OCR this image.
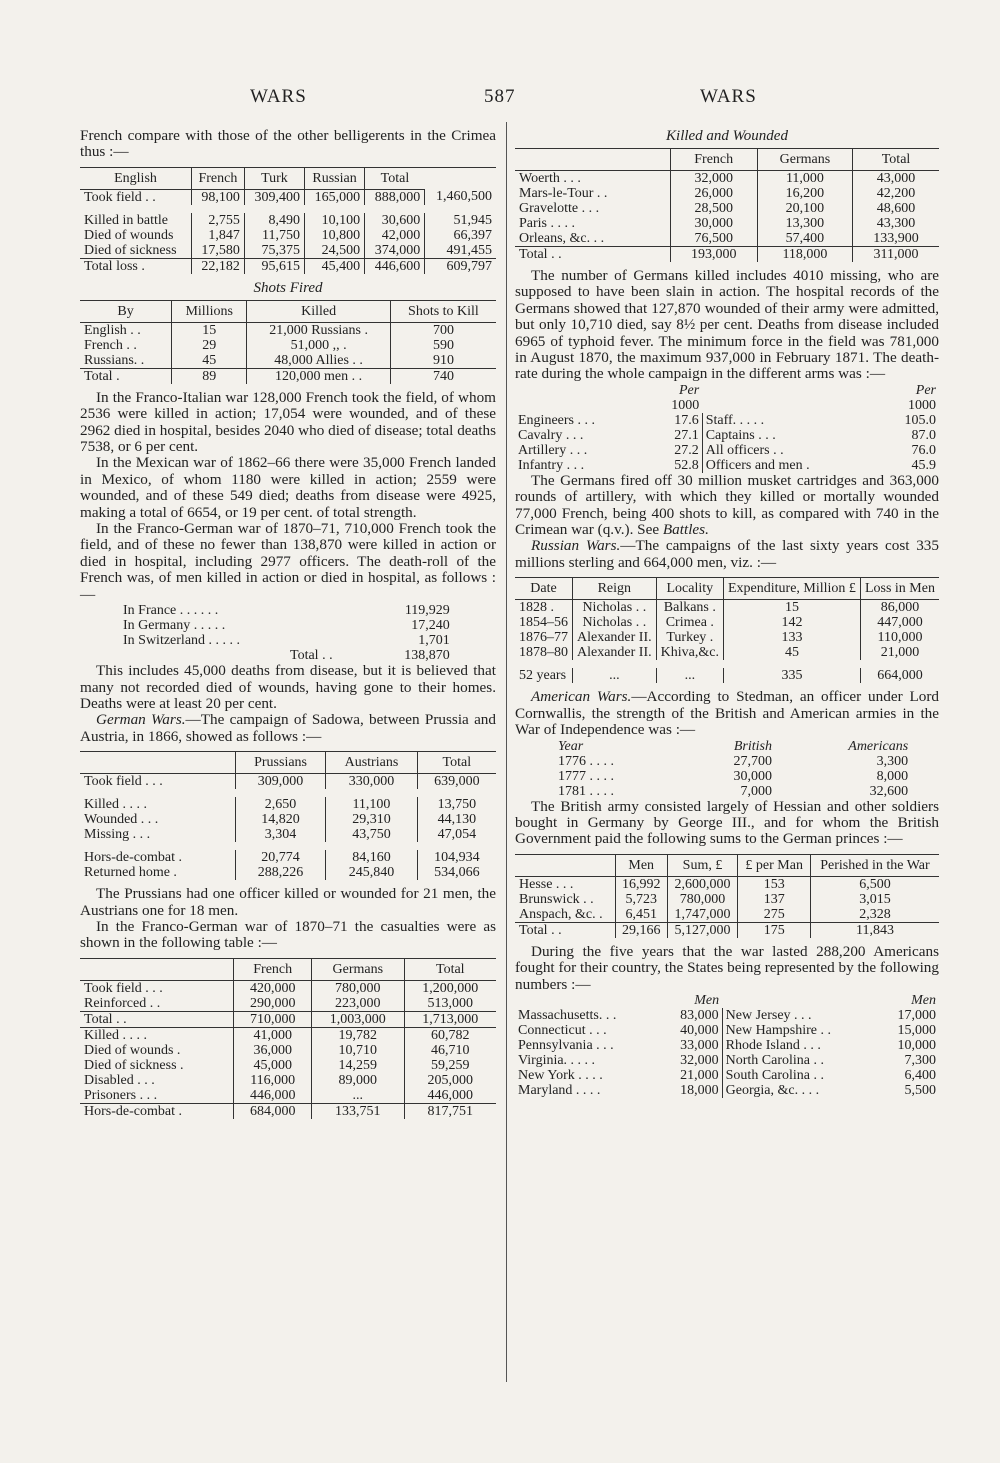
WARS	587	WARS

French compare with those of the other belligerents in the Crimea thus :—

English	French	Turk	Russian	Total	
Took field . .	98,100	309,400	165,000	888,000	1,460,500

Killed in battle	2,755	8,490	10,100	30,600	51,945
Died of wounds	1,847	11,750	10,800	42,000	66,397
Died of sickness	17,580	75,375	24,500	374,000	491,455
Total loss .	22,182	95,615	45,400	446,600	609,797
Shots Fired
By	Millions	Killed	Shots to Kill
English . .	15	21,000 Russians .	700
French . .	29	51,000 ,, .	590
Russians. .	45	48,000 Allies . .	910
Total .	89	120,000 men . .	740

In the Franco-Italian war 128,000 French took the field, of whom 2536 were killed in action; 17,054 were wounded, and of these 2962 died in hospital, besides 2040 who died of disease; total deaths 7538, or 6 per cent.

In the Mexican war of 1862–66 there were 35,000 French landed in Mexico, of whom 1180 were killed in action; 2559 were wounded, and of these 549 died; deaths from disease were 4925, making a total of 6654, or 19 per cent. of total strength.

In the Franco-German war of 1870–71, 710,000 French took the field, and of these no fewer than 138,870 were killed in action or died in hospital, including 2977 officers. The death-roll of the French was, of men killed in action or died in hospital, as follows :—

In France . . . . . .	119,929
In Germany . . . . .	17,240
In Switzerland . . . . .	1,701
Total . .	138,870

This includes 45,000 deaths from disease, but it is believed that many not recorded died of wounds, having gone to their homes. Deaths were at least 20 per cent.

German Wars.—The campaign of Sadowa, between Prussia and Austria, in 1866, showed as follows :—

	Prussians	Austrians	Total
Took field . . .	309,000	330,000	639,000

Killed . . . .	2,650	11,100	13,750
Wounded . . .	14,820	29,310	44,130
Missing . . .	3,304	43,750	47,054

Hors-de-combat .	20,774	84,160	104,934
Returned home .	288,226	245,840	534,066

The Prussians had one officer killed or wounded for 21 men, the Austrians one for 18 men.

In the Franco-German war of 1870–71 the casualties were as shown in the following table :—

	French	Germans	Total
Took field . . .	420,000	780,000	1,200,000
Reinforced . .	290,000	223,000	513,000
Total . .	710,000	1,003,000	1,713,000
Killed . . . .	41,000	19,782	60,782
Died of wounds .	36,000	10,710	46,710
Died of sickness .	45,000	14,259	59,259
Disabled . . .	116,000	89,000	205,000
Prisoners . . .	446,000	...	446,000
Hors-de-combat .	684,000	133,751	817,751
Killed and Wounded
	French	Germans	Total
Woerth . . .	32,000	11,000	43,000
Mars-le-Tour . .	26,000	16,200	42,200
Gravelotte . . .	28,500	20,100	48,600
Paris . . . .	30,000	13,300	43,300
Orleans, &c. . .	76,500	57,400	133,900
Total . .	193,000	118,000	311,000

The number of Germans killed includes 4010 missing, who are supposed to have been slain in action. The hospital records of the Germans showed that 127,870 wounded of their army were admitted, but only 10,710 died, say 8½ per cent. Deaths from disease included 6965 of typhoid fever. The minimum force in the field was 781,000 in August 1870, the maximum 937,000 in February 1871. The death-rate during the whole campaign in the different arms was :—

	Per		Per
	1000		1000
Engineers . . .	17.6	Staff. . . . .	105.0
Cavalry . . .	27.1	Captains . . .	87.0
Artillery . . .	27.2	All officers . .	76.0
Infantry . . .	52.8	Officers and men .	45.9

The Germans fired off 30 million musket cartridges and 363,000 rounds of artillery, with which they killed or mortally wounded 77,000 French, being 400 shots to kill, as compared with 740 in the Crimean war (q.v.). See Battles.

Russian Wars.—The campaigns of the last sixty years cost 335 millions sterling and 664,000 men, viz. :—

Date	Reign	Locality	Expenditure, Million £	Loss in Men
1828 .	Nicholas . .	Balkans .	15	86,000
1854–56	Nicholas . .	Crimea .	142	447,000
1876–77	Alexander II.	Turkey .	133	110,000
1878–80	Alexander II.	Khiva,&c.	45	21,000

52 years	...	...	335	664,000

American Wars.—According to Stedman, an officer under Lord Cornwallis, the strength of the British and American armies in the War of Independence was :—

Year	British	Americans
1776 . . . .	27,700	3,300
1777 . . . .	30,000	8,000
1781 . . . .	7,000	32,600

The British army consisted largely of Hessian and other soldiers bought in Germany by George III., and for whom the British Government paid the following sums to the German princes :—

	Men	Sum, £	£ per Man	Perished in the War
Hesse . . .	16,992	2,600,000	153	6,500
Brunswick . .	5,723	780,000	137	3,015
Anspach, &c. .	6,451	1,747,000	275	2,328
Total . .	29,166	5,127,000	175	11,843

During the five years that the war lasted 288,200 Americans fought for their country, the States being represented by the following numbers :—

	Men		Men
Massachusetts. . .	83,000	New Jersey . . .	17,000
Connecticut . . .	40,000	New Hampshire . .	15,000
Pennsylvania . . .	33,000	Rhode Island . . .	10,000
Virginia. . . . .	32,000	North Carolina . .	7,300
New York . . . .	21,000	South Carolina . .	6,400
Maryland . . . .	18,000	Georgia, &c. . . .	5,500
